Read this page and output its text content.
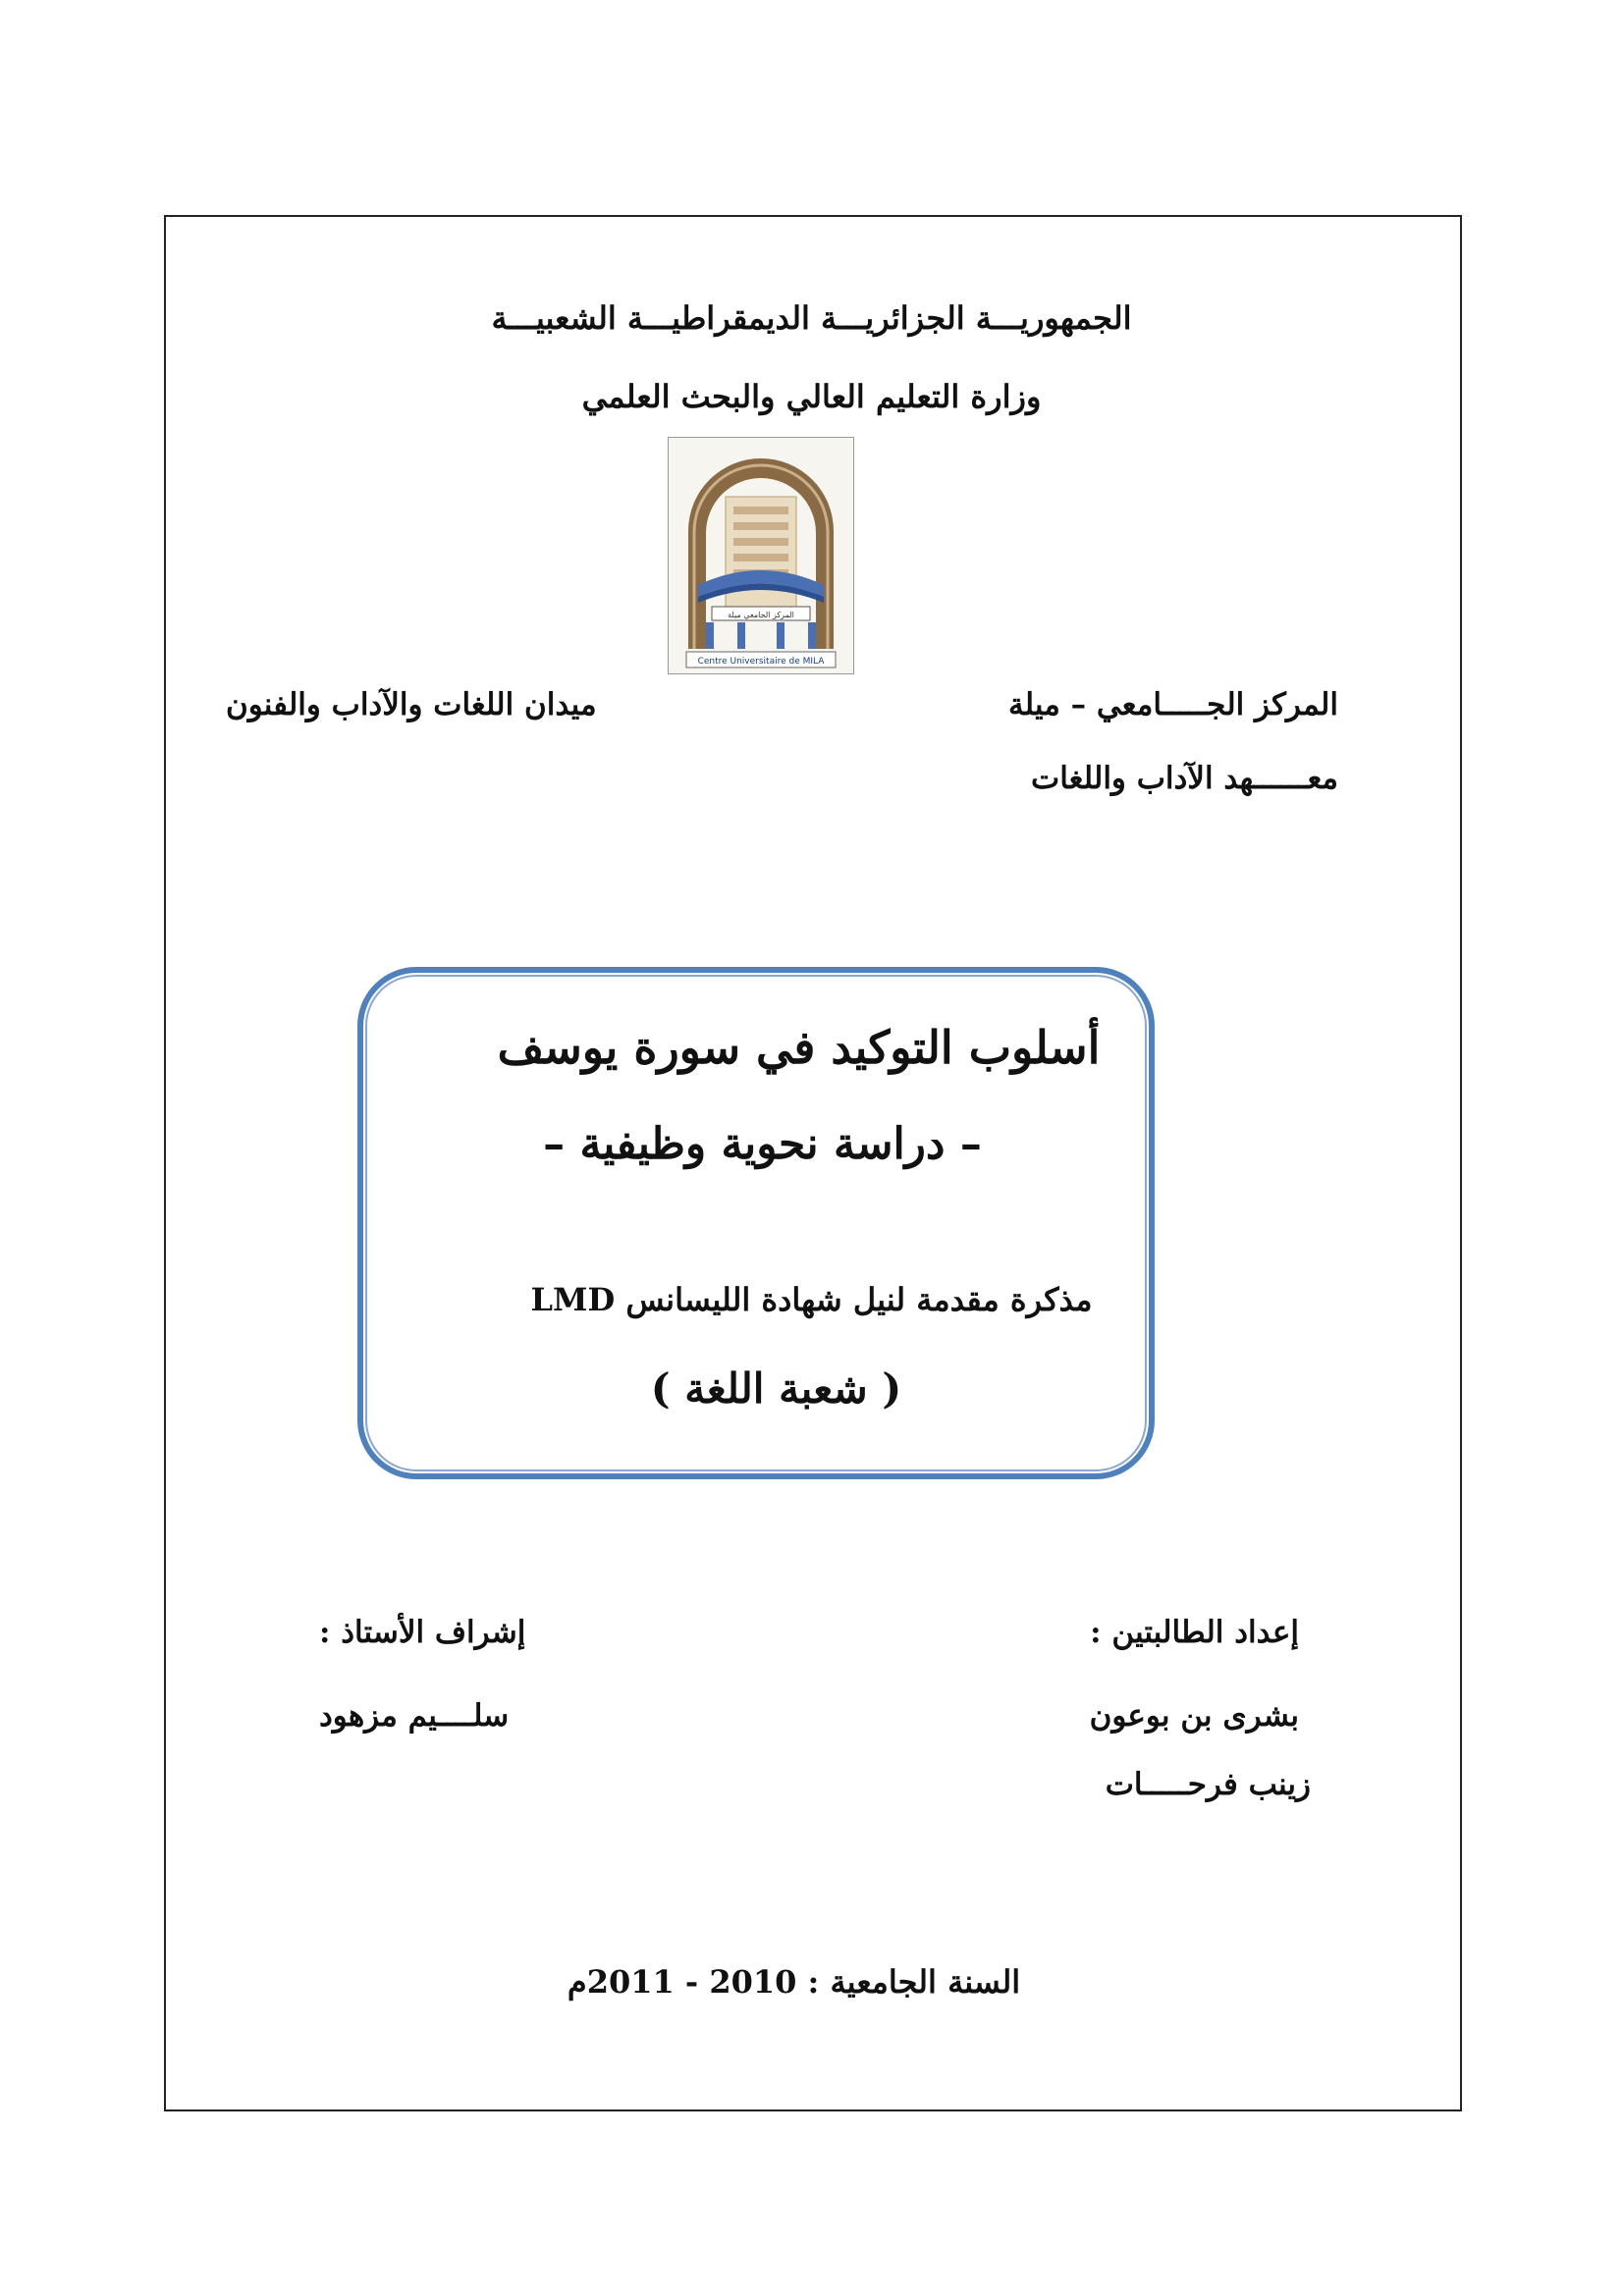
الجمهوريـــة الجزائريـــة الديمقراطيـــة الشعبيـــة
وزارة التعليم العالي والبحث العلمي
المركز الجامعي ميلة
Centre Universitaire de MILA
المركز الجـــــامعي – ميلة
ميدان اللغات والآداب والفنون
معــــــهد الآداب واللغات
أسلوب التوكيد في سورة يوسف
– دراسة نحوية وظيفية –
مذكرة مقدمة لنيل شهادة الليسانس LMD
( شعبة اللغة )
إعداد الطالبتين :
بشرى بن بوعون
زينب فرحـــــات
إشراف الأستاذ :
سلــــيم مزهود
السنة الجامعية : 2010 - 2011م
